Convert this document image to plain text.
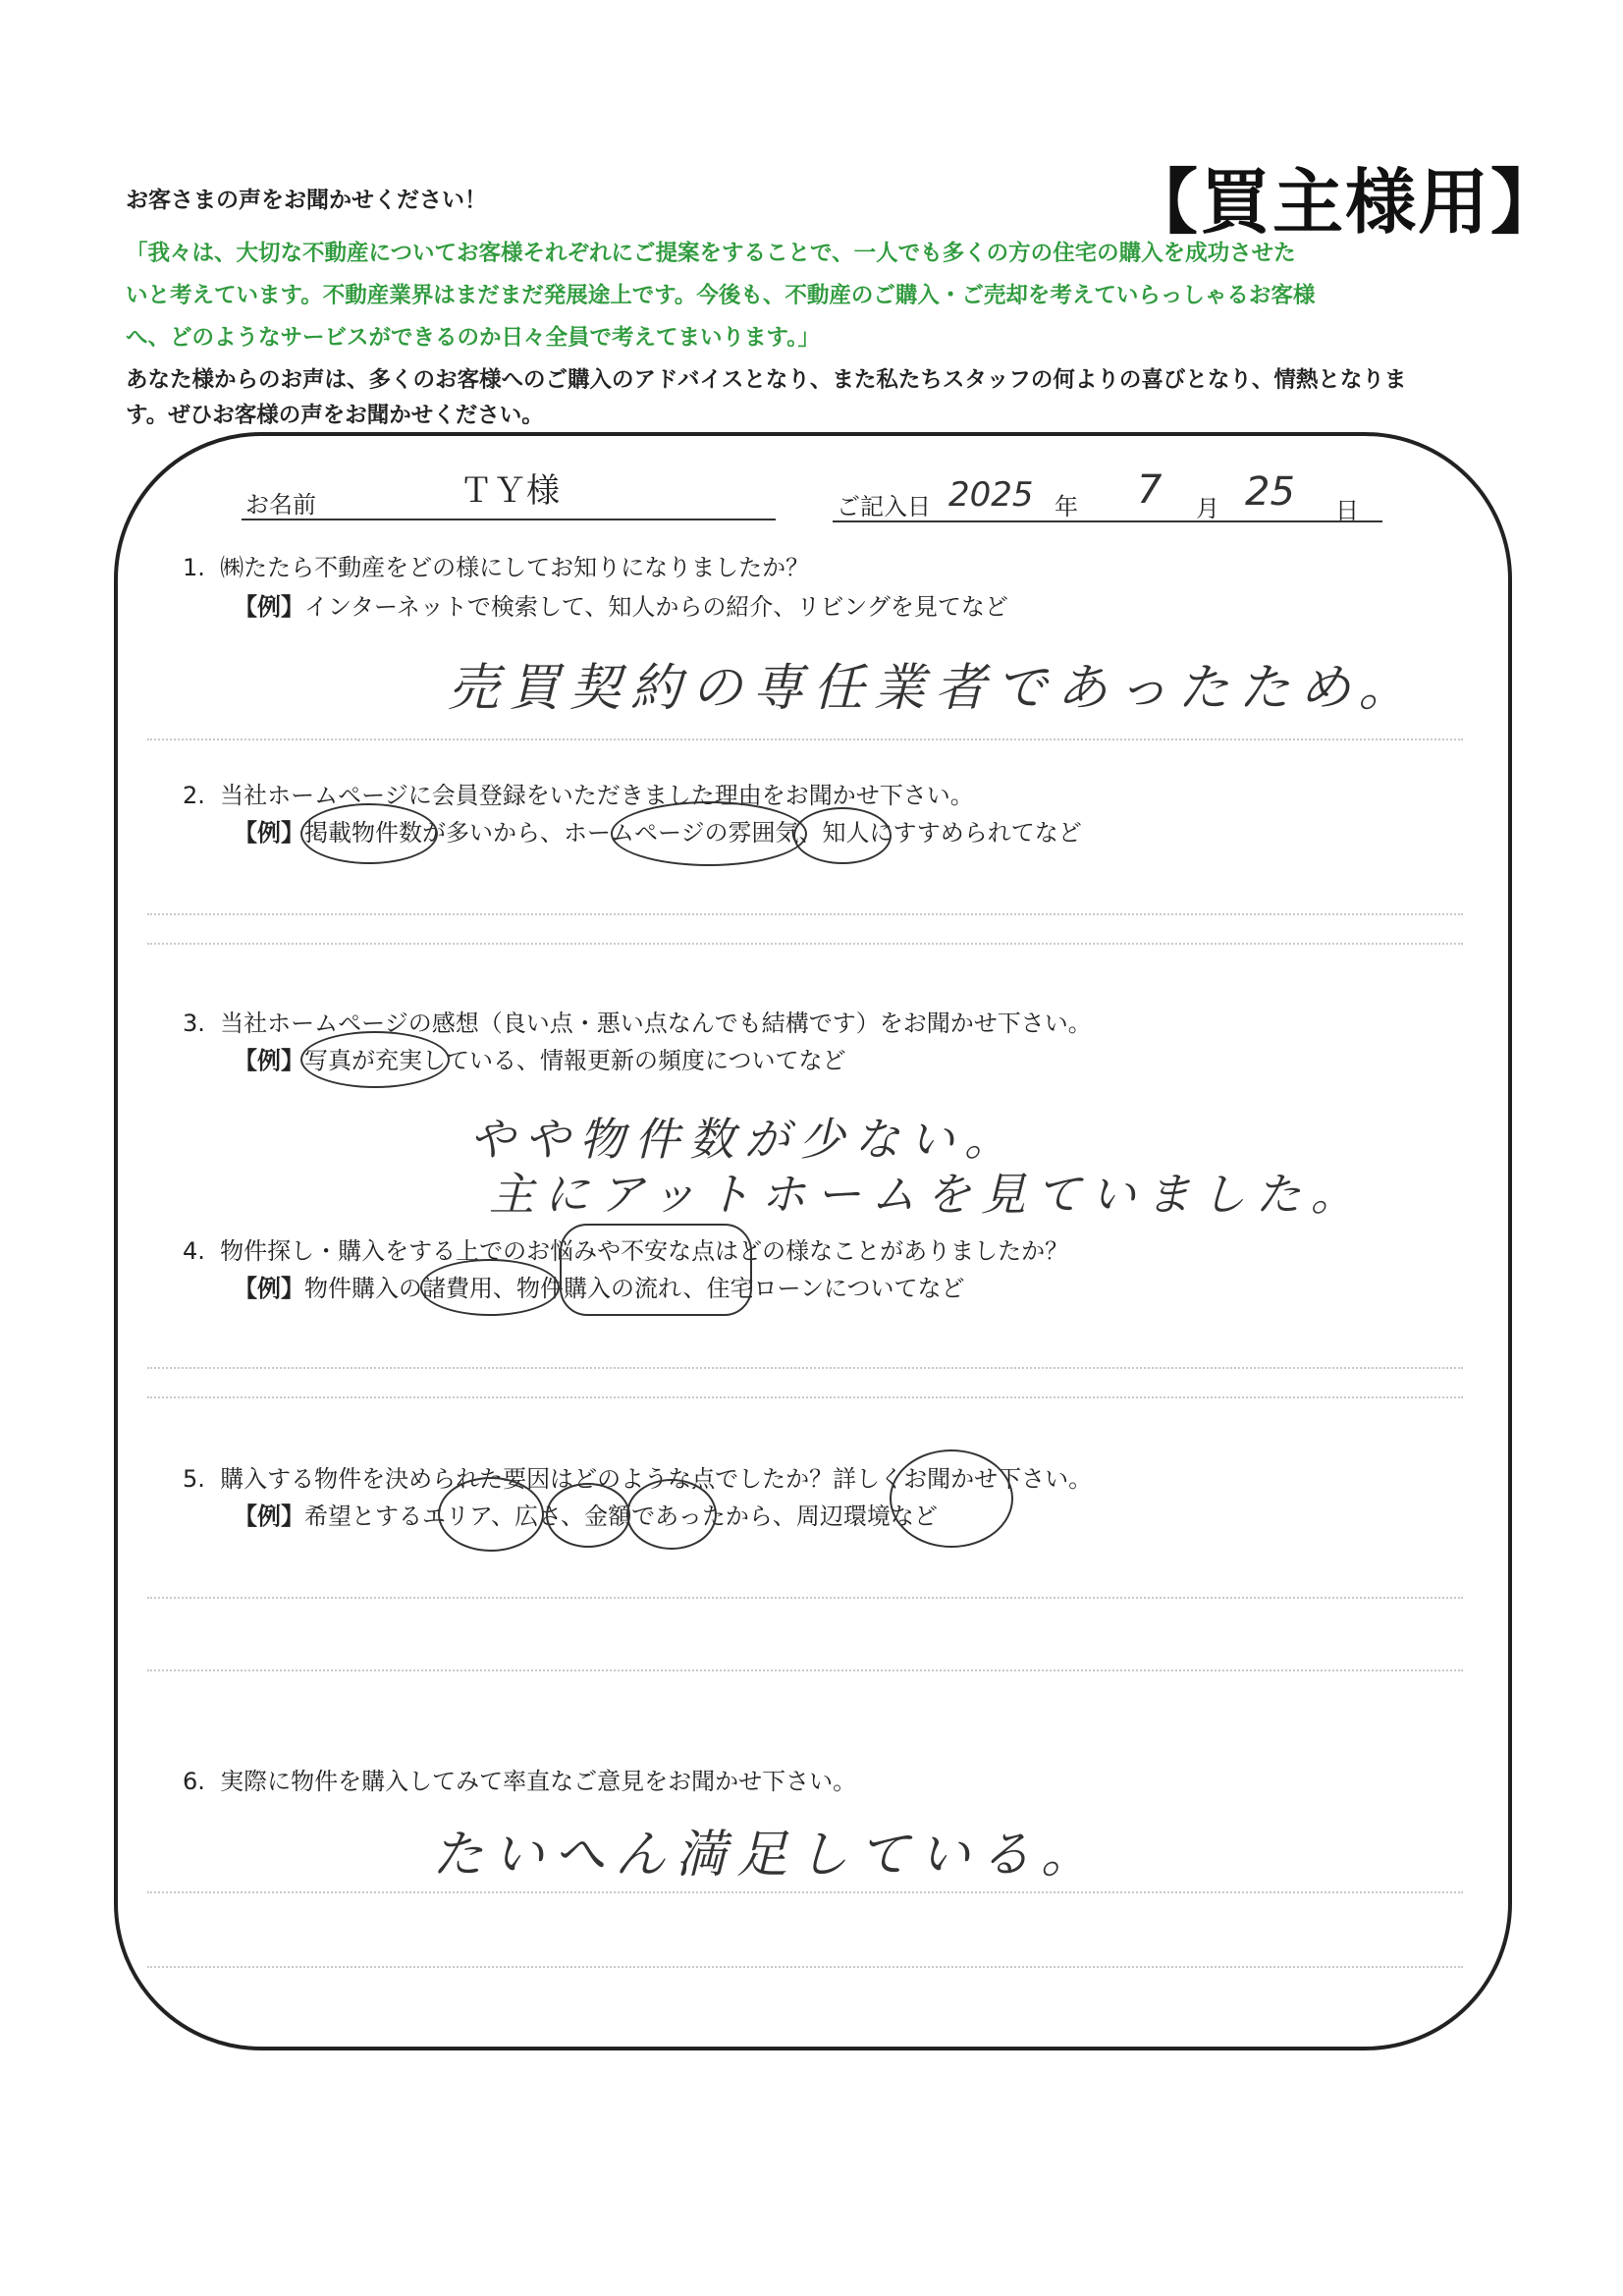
お客さまの声をお聞かせください！	【買主様用】
「我々は、大切な不動産についてお客様それぞれにご提案をすることで、一人でも多くの方の住宅の購入を成功させた
いと考えています。不動産業界はまだまだ発展途上です。今後も、不動産のご購入・ご売却を考えていらっしゃるお客様
へ、どのようなサービスができるのか日々全員で考えてまいります。」
あなた様からのお声は、多くのお客様へのご購入のアドバイスとなり、また私たちスタッフの何よりの喜びとなり、情熱となりま
す。ぜひお客様の声をお聞かせください。
お名前	ＴＹ様	ご記入日 2025 年 7 月 25 日
1. ㈱たたら不動産をどの様にしてお知りになりましたか？
【例】インターネットで検索して、知人からの紹介、リビングを見てなど
売買契約の専任業者であったため。
2. 当社ホームページに会員登録をいただきました理由をお聞かせ下さい。
【例】掲載物件数が多いから、ホームページの雰囲気、知人にすすめられてなど
3. 当社ホームページの感想（良い点・悪い点なんでも結構です）をお聞かせ下さい。
【例】写真が充実している、情報更新の頻度についてなど
やや物件数が少ない。
主にアットホームを見ていました。
4. 物件探し・購入をする上でのお悩みや不安な点はどの様なことがありましたか？
【例】物件購入の諸費用、物件購入の流れ、住宅ローンについてなど
5. 購入する物件を決められた要因はどのような点でしたか？詳しくお聞かせ下さい。
【例】希望とするエリア、広さ、金額であったから、周辺環境など
6. 実際に物件を購入してみて率直なご意見をお聞かせ下さい。
たいへん満足している。
